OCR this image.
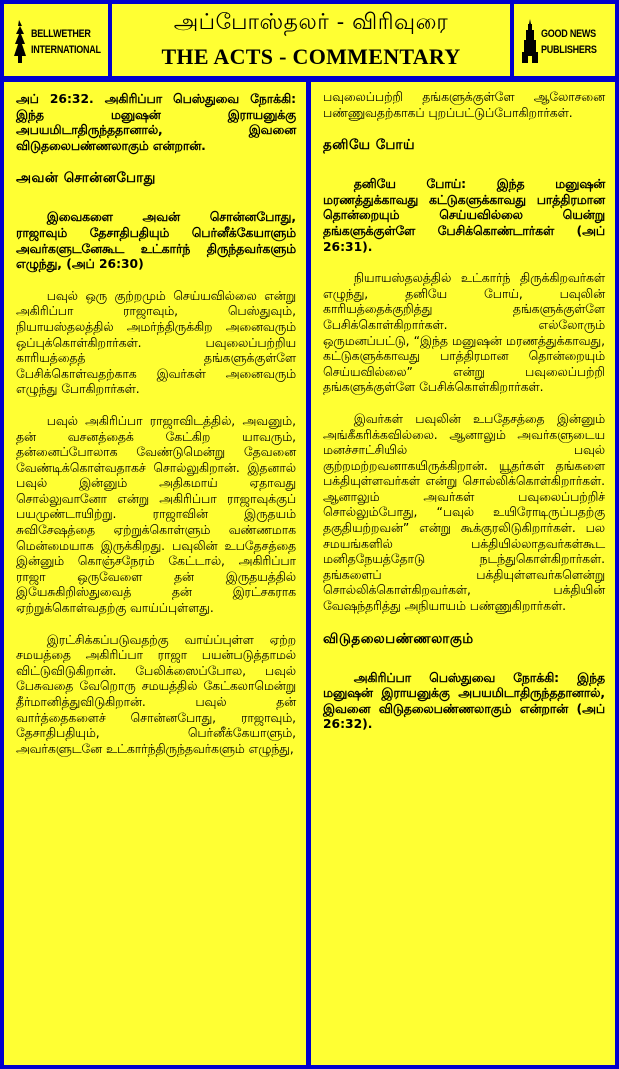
BELLWETHER
INTERNATIONAL
அப்போஸ்தலர் - விரிவுரை
THE ACTS - COMMENTARY
GOOD NEWS
PUBLISHERS

அப் 26:32. அகிரிப்பா பெஸ்துவை நோக்கி: இந்த மனுஷன் இராயனுக்கு அபயமிடாதிருந்ததானால், இவனை விடுதலைபண்ணலாகும் என்றான்.

அவன் சொன்னபோது

இவைகளை அவன் சொன்னபோது, ராஜாவும் தேசாதிபதியும் பெர்னீக்கேயாளும் அவர்களுடனேகூட உட்கார்ந் திருந்தவர்களும் எழுந்து, (அப் 26:30)

பவுல் ஒரு குற்றமும் செய்யவில்லை என்று அகிரிப்பா ராஜாவும், பெஸ்துவும், நியாயஸ்தலத்தில் அமர்ந்திருக்கிற அனைவரும் ஒப்புக்கொள்கிறார்கள். பவுலைப்பற்றிய காரியத்தைத் தங்களுக்குள்ளே பேசிக்கொள்வதற்காக இவர்கள் அனைவரும் எழுந்து போகிறார்கள்.

பவுல் அகிரிப்பா ராஜாவிடத்தில், அவனும், தன் வசனத்தைக் கேட்கிற யாவரும், தன்னைப்போலாக வேண்டுமென்று தேவனை வேண்டிக்கொள்வதாகச் சொல்லுகிறான். இதனால் பவுல் இன்னும் அதிகமாய் ஏதாவது சொல்லுவானோ என்று அகிரிப்பா ராஜாவுக்குப் பயமுண்டாயிற்று. ராஜாவின் இருதயம் சுவிசேஷத்தை ஏற்றுக்கொள்ளும் வண்ணமாக மென்மையாக இருக்கிறது. பவுலின் உபதேசத்தை இன்னும் கொஞ்சநேரம் கேட்டால், அகிரிப்பா ராஜா ஒருவேளை தன் இருதயத்தில் இயேசுகிறிஸ்துவைத் தன் இரட்சகராக ஏற்றுக்கொள்வதற்கு வாய்ப்புள்ளது.

இரட்சிக்கப்படுவதற்கு வாய்ப்புள்ள ஏற்ற சமயத்தை அகிரிப்பா ராஜா பயன்படுத்தாமல் விட்டுவிடுகிறான். பேலிக்ஸைப்போல, பவுல் பேசுவதை வேறொரு சமயத்தில் கேட்கலாமென்று தீர்மானித்துவிடுகிறான். பவுல் தன் வார்த்தைகளைச் சொன்னபோது, ராஜாவும், தேசாதிபதியும், பெர்னீக்கேயாளும், அவர்களுடனே உட்கார்ந்திருந்தவர்களும் எழுந்து,

பவுலைப்பற்றி தங்களுக்குள்ளே ஆலோசனை பண்ணுவதற்காகப் புறப்பட்டுப்போகிறார்கள்.

தனியே போய்

தனியே போய்: இந்த மனுஷன் மரணத்துக்காவது கட்டுகளுக்காவது பாத்திரமான தொன்றையும் செய்யவில்லை யென்று தங்களுக்குள்ளே பேசிக்கொண்டார்கள் (அப் 26:31).

நியாயஸ்தலத்தில் உட்கார்ந் திருக்கிறவர்கள் எழுந்து, தனியே போய், பவுலின் காரியத்தைக்குறித்து தங்களுக்குள்ளே பேசிக்கொள்கிறார்கள். எல்லோரும் ஒருமனப்பட்டு, “இந்த மனுஷன் மரணத்துக்காவது, கட்டுகளுக்காவது பாத்திரமான தொன்றையும் செய்யவில்லை” என்று பவுலைப்பற்றி தங்களுக்குள்ளே பேசிக்கொள்கிறார்கள்.

இவர்கள் பவுலின் உபதேசத்தை இன்னும் அங்கீகரிக்கவில்லை. ஆனாலும் அவர்களுடைய மனச்சாட்சியில் பவுல் குற்றமற்றவனாகயிருக்கிறான். யூதர்கள் தங்களை பக்தியுள்ளவர்கள் என்று சொல்லிக்கொள்கிறார்கள். ஆனாலும் அவர்கள் பவுலைப்பற்றிச் சொல்லும்போது, “பவுல் உயிரோடிருப்பதற்கு தகுதியற்றவன்” என்று கூக்குரலிடுகிறார்கள். பல சமயங்களில் பக்தியில்லாதவர்கள்கூட மனிதநேயத்தோடு நடந்துகொள்கிறார்கள். தங்களைப் பக்தியுள்ளவர்களென்று சொல்லிக்கொள்கிறவர்கள், பக்தியின் வேஷந்தரித்து அநியாயம் பண்ணுகிறார்கள்.

விடுதலைபண்ணலாகும்

அகிரிப்பா பெஸ்துவை நோக்கி: இந்த மனுஷன் இராயனுக்கு அபயமிடாதிருந்ததானால், இவனை விடுதலைபண்ணலாகும் என்றான் (அப் 26:32).
